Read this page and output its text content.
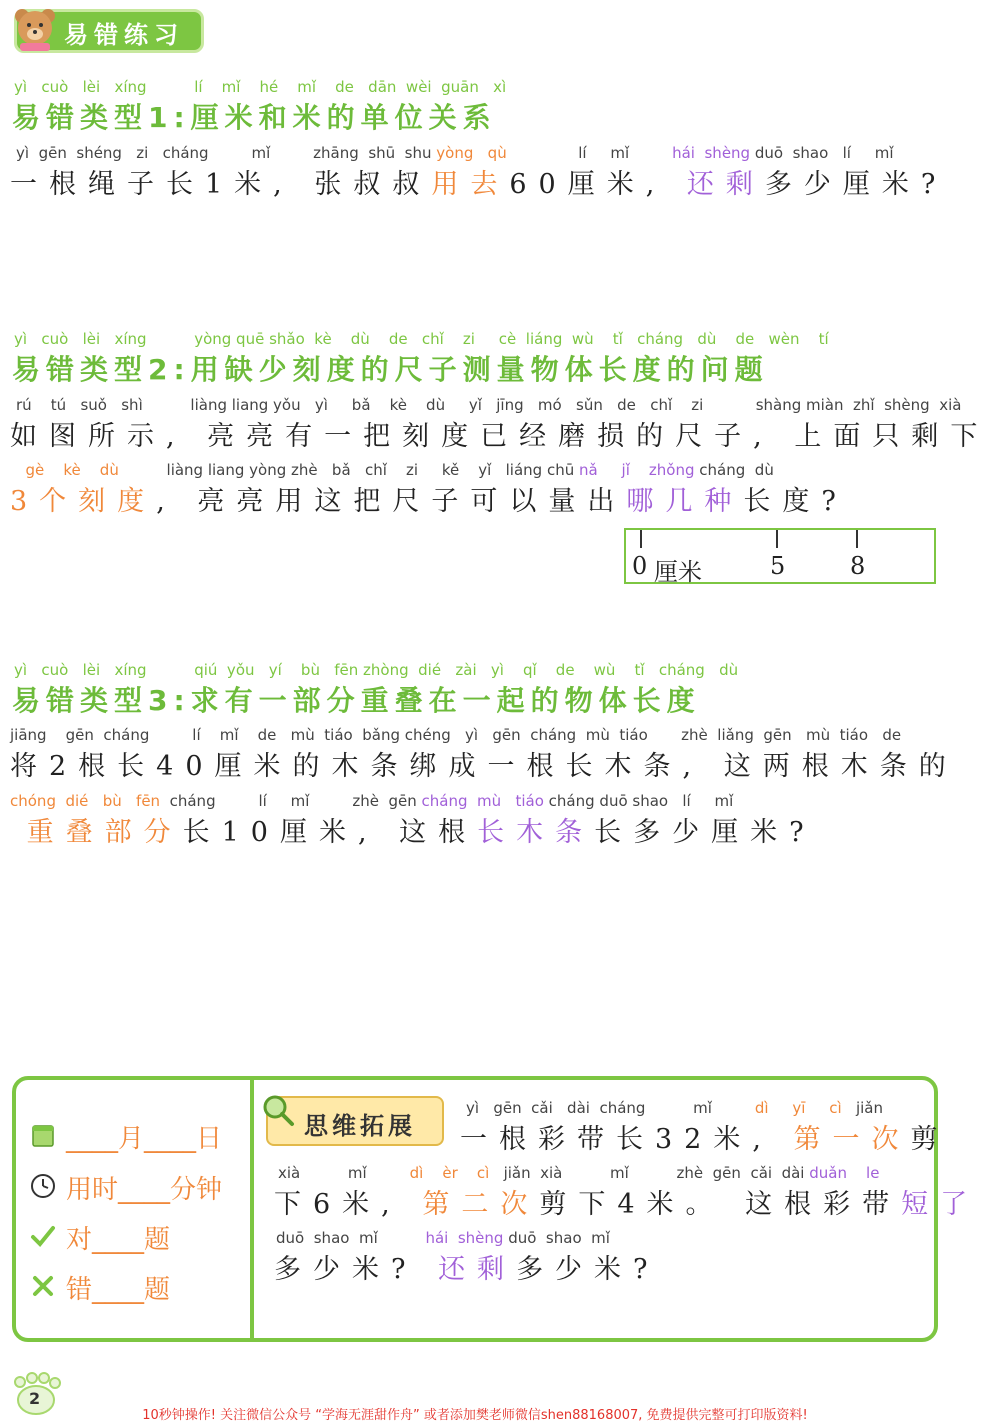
易错练习
yì   cuò   lèi   xíng          lí    mǐ    hé    mǐ    de   dān  wèi  guān   xì
易错类型1:厘米和米的单位关系
yì  gēn  shéng   zi   cháng         mǐ         zhāng  shū  shu yòng   qù               lí     mǐ         hái  shèng duō  shao   lí     mǐ
一根绳子长1米, 张叔叔用去60厘米, 还剩多少厘米?
yì   cuò   lèi   xíng          yòng quē shǎo  kè    dù    de   chǐ    zi     cè  liáng  wù    tǐ   cháng   dù    de   wèn    tí
易错类型2:用缺少刻度的尺子测量物体长度的问题
rú    tú   suǒ   shì          liàng liang yǒu   yì     bǎ    kè    dù     yǐ   jīng   mó   sǔn   de   chǐ    zi           shàng miàn  zhǐ  shèng  xià
如图所示, 亮亮有一把刻度已经磨损的尺子, 上面只剩下
gè    kè    dù          liàng liang yòng zhè   bǎ   chǐ    zi     kě    yǐ   liáng chū nǎ     jǐ    zhǒng cháng  dù
3个刻度, 亮亮用这把尺子可以量出哪几种长度?
0 厘米	5	8
yì   cuò   lèi   xíng          qiú  yǒu   yí    bù   fēn zhòng  dié   zài   yì    qǐ    de    wù    tǐ   cháng   dù
易错类型3:求有一部分重叠在一起的物体长度
jiāng    gēn  cháng         lí    mǐ    de   mù  tiáo  bǎng chéng   yì   gēn  cháng  mù  tiáo       zhè  liǎng  gēn   mù  tiáo   de
将2根长40厘米的木条绑成一根长木条, 这两根木条的
chóng  dié   bù   fēn  cháng         lí     mǐ         zhè  gēn cháng  mù   tiáo cháng duō shao   lí     mǐ
重叠部分长10厘米, 这根长木条长多少厘米?
____月____日
用时____分钟
对____题
错____题
思维拓展
yì   gēn  cǎi   dài  cháng          mǐ         dì     yī     cì   jiǎn
一根彩带长32米, 第一次剪
xià          mǐ         dì    èr    cì   jiǎn  xià          mǐ          zhè  gēn  cǎi  dài duǎn    le
下6米, 第二次剪下4米。 这根彩带短了
duō  shao  mǐ          hái  shèng duō  shao  mǐ
多少米? 还剩多少米?
2
10秒钟操作! 关注微信公众号 “学海无涯甜作舟” 或者添加樊老师微信shen88168007, 免费提供完整可打印版资料!
